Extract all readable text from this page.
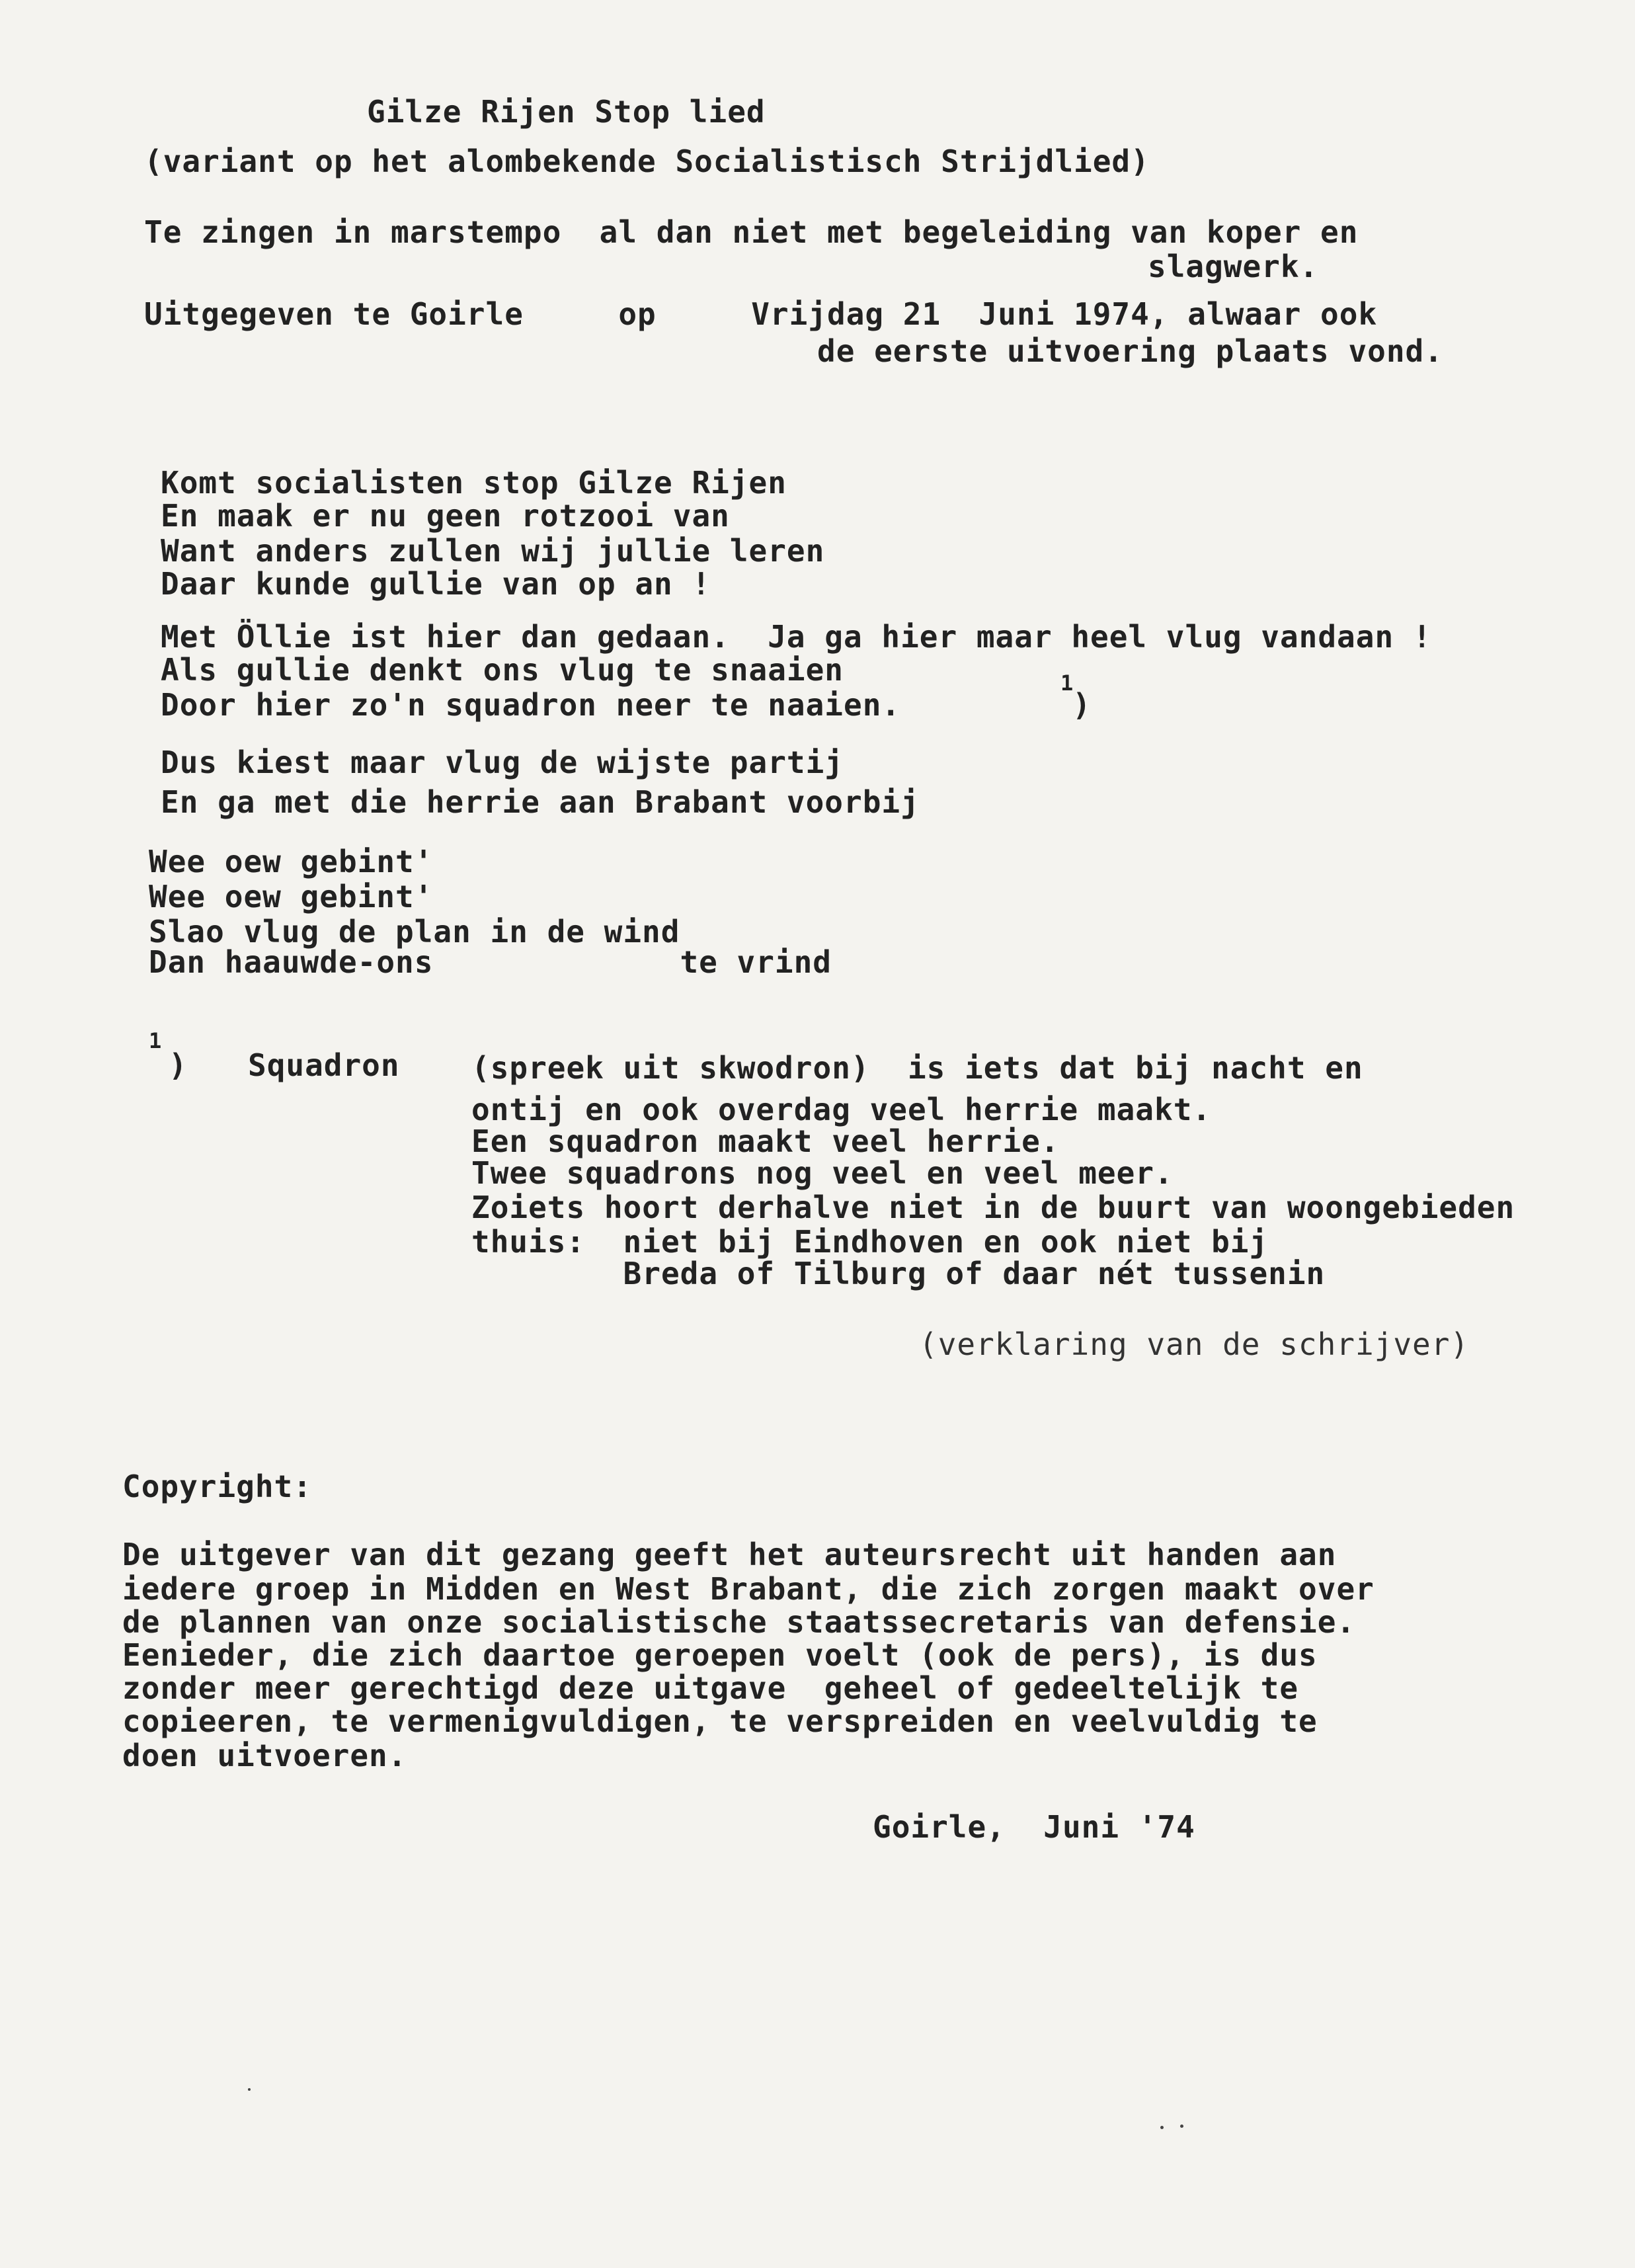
Gilze Rijen Stop lied
(variant op het alombekende Socialistisch Strijdlied)
Te zingen in marstempo  al dan niet met begeleiding van koper en
slagwerk.
Uitgegeven te Goirle     op     Vrijdag 21  Juni 1974, alwaar ook
de eerste uitvoering plaats vond.
Komt socialisten stop Gilze Rijen
En maak er nu geen rotzooi van
Want anders zullen wij jullie leren
Daar kunde gullie van op an !
Met Öllie ist hier dan gedaan.  Ja ga hier maar heel vlug vandaan !
Als gullie denkt ons vlug te snaaien
Door hier zo'n squadron neer te naaien.
1
)
Dus kiest maar vlug de wijste partij
En ga met die herrie aan Brabant voorbij
Wee oew gebint'
Wee oew gebint'
Slao vlug de plan in de wind
Dan haauwde-ons             te vrind
1
) Squadron (spreek uit skwodron)  is iets dat bij nacht en
ontij en ook overdag veel herrie maakt.
Een squadron maakt veel herrie.
Twee squadrons nog veel en veel meer.
Zoiets hoort derhalve niet in de buurt van woongebieden
thuis:  niet bij Eindhoven en ook niet bij
Breda of Tilburg of daar nét tussenin
(verklaring van de schrijver)
Copyright:
De uitgever van dit gezang geeft het auteursrecht uit handen aan
iedere groep in Midden en West Brabant, die zich zorgen maakt over
de plannen van onze socialistische staatssecretaris van defensie.
Eenieder, die zich daartoe geroepen voelt (ook de pers), is dus
zonder meer gerechtigd deze uitgave  geheel of gedeeltelijk te
copieeren, te vermenigvuldigen, te verspreiden en veelvuldig te
doen uitvoeren.
Goirle,  Juni '74
